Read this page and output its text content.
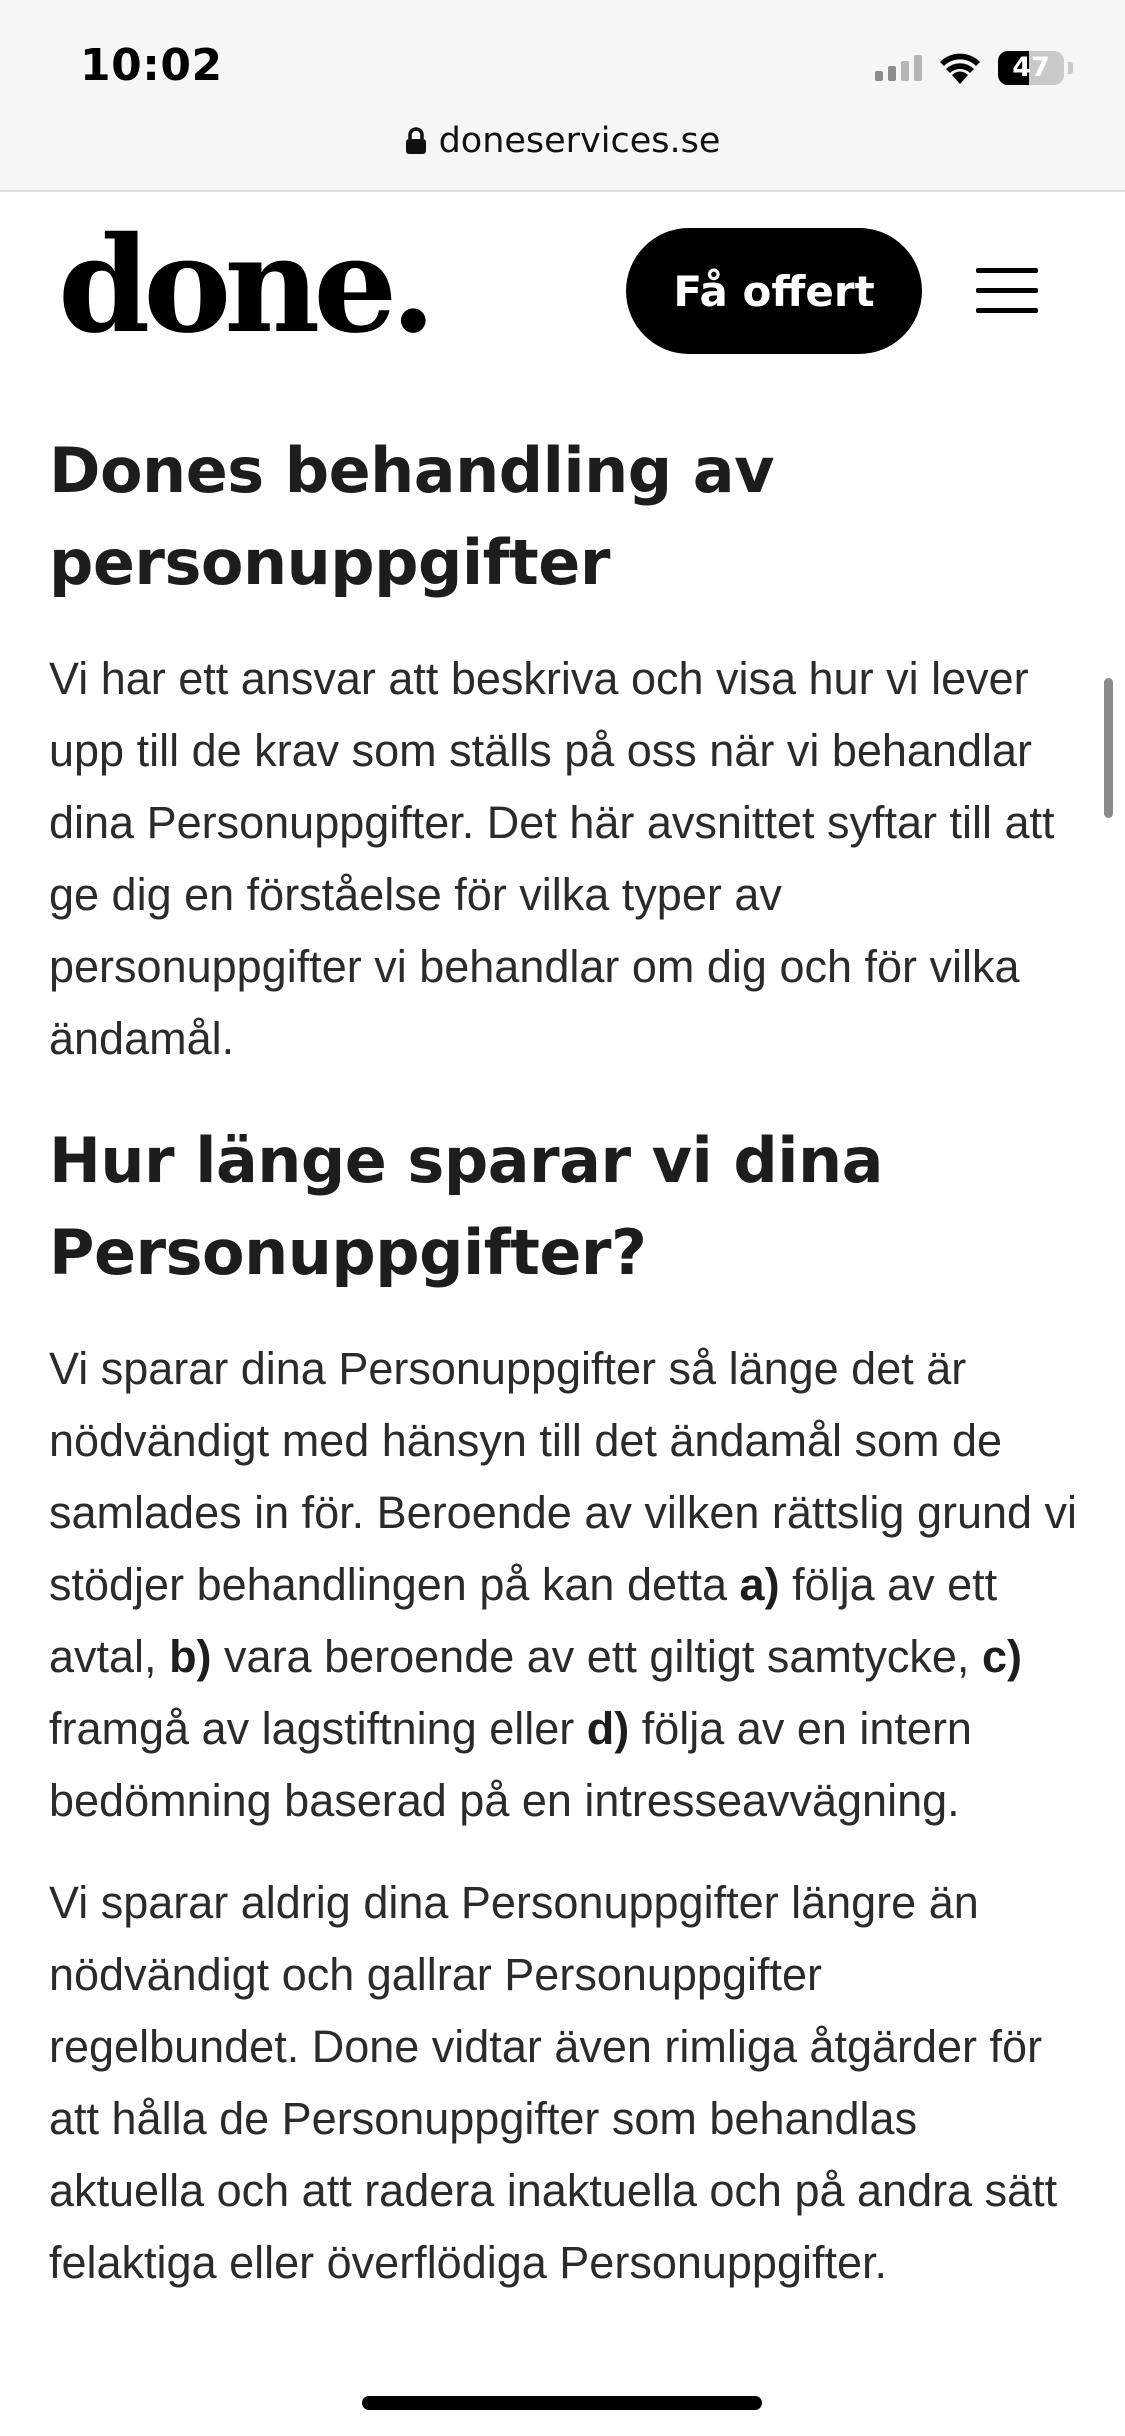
10:02	47
doneservices.se
done.	Få offert
Dones behandling av personuppgifter

Vi har ett ansvar att beskriva och visa hur vi lever upp till de krav som ställs på oss när vi behandlar dina Personuppgifter. Det här avsnittet syftar till att ge dig en förståelse för vilka typer av personuppgifter vi behandlar om dig och för vilka ändamål.

Hur länge sparar vi dina Personuppgifter?

Vi sparar dina Personuppgifter så länge det är nödvändigt med hänsyn till det ändamål som de samlades in för. Beroende av vilken rättslig grund vi stödjer behandlingen på kan detta a) följa av ett avtal, b) vara beroende av ett giltigt samtycke, c) framgå av lagstiftning eller d) följa av en intern bedömning baserad på en intresseavvägning.

Vi sparar aldrig dina Personuppgifter längre än nödvändigt och gallrar Personuppgifter regelbundet. Done vidtar även rimliga åtgärder för att hålla de Personuppgifter som behandlas aktuella och att radera inaktuella och på andra sätt felaktiga eller överflödiga Personuppgifter.
